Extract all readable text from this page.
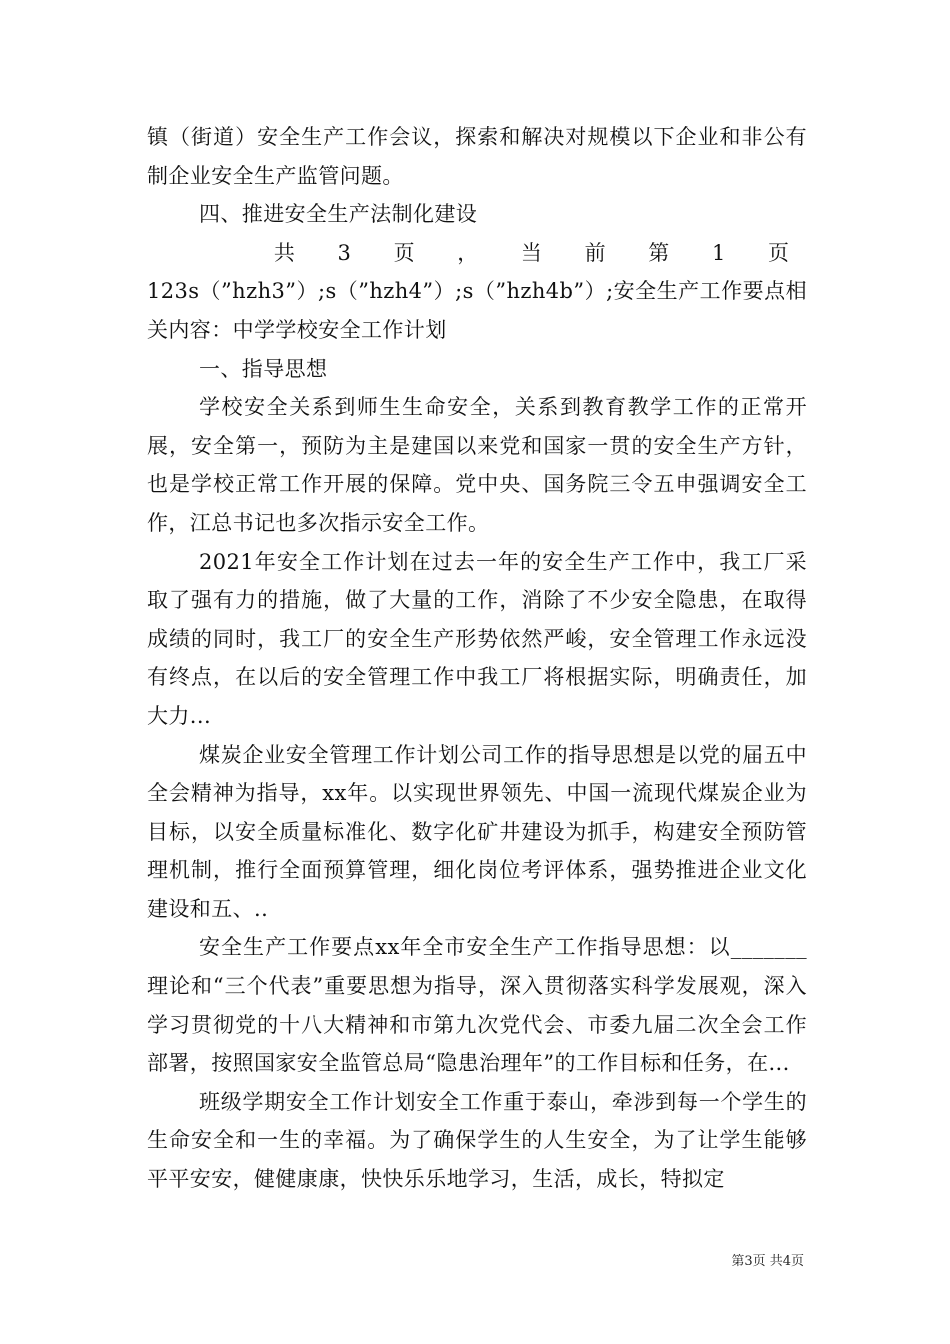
镇（街道）安全生产工作会议，探索和解决对规模以下企业和非公有制企业安全生产监管问题。

四、推进安全生产法制化建设

共 3 页 ， 当 前 第 1 页

123s（”hzh3”）;s（”hzh4”）;s（”hzh4b”）;安全生产工作要点相关内容：中学学校安全工作计划

一、指导思想

学校安全关系到师生生命安全，关系到教育教学工作的正常开展，安全第一，预防为主是建国以来党和国家一贯的安全生产方针，也是学校正常工作开展的保障。党中央、国务院三令五申强调安全工作，江总书记也多次指示安全工作。

2021年安全工作计划在过去一年的安全生产工作中，我工厂采取了强有力的措施，做了大量的工作，消除了不少安全隐患，在取得成绩的同时，我工厂的安全生产形势依然严峻，安全管理工作永远没有终点，在以后的安全管理工作中我工厂将根据实际，明确责任，加大力...

煤炭企业安全管理工作计划公司工作的指导思想是以党的届五中全会精神为指导，xx年。以实现世界领先、中国一流现代煤炭企业为目标，以安全质量标准化、数字化矿井建设为抓手，构建安全预防管理机制，推行全面预算管理，细化岗位考评体系，强势推进企业文化建设和五、..

安全生产工作要点xx年全市安全生产工作指导思想：以_______理论和“三个代表”重要思想为指导，深入贯彻落实科学发展观，深入学习贯彻党的十八大精神和市第九次党代会、市委九届二次全会工作部署，按照国家安全监管总局“隐患治理年”的工作目标和任务，在...

班级学期安全工作计划安全工作重于泰山，牵涉到每一个学生的生命安全和一生的幸福。为了确保学生的人生安全，为了让学生能够平平安安，健健康康，快快乐乐地学习，生活，成长，特拟定

第3页 共4页
